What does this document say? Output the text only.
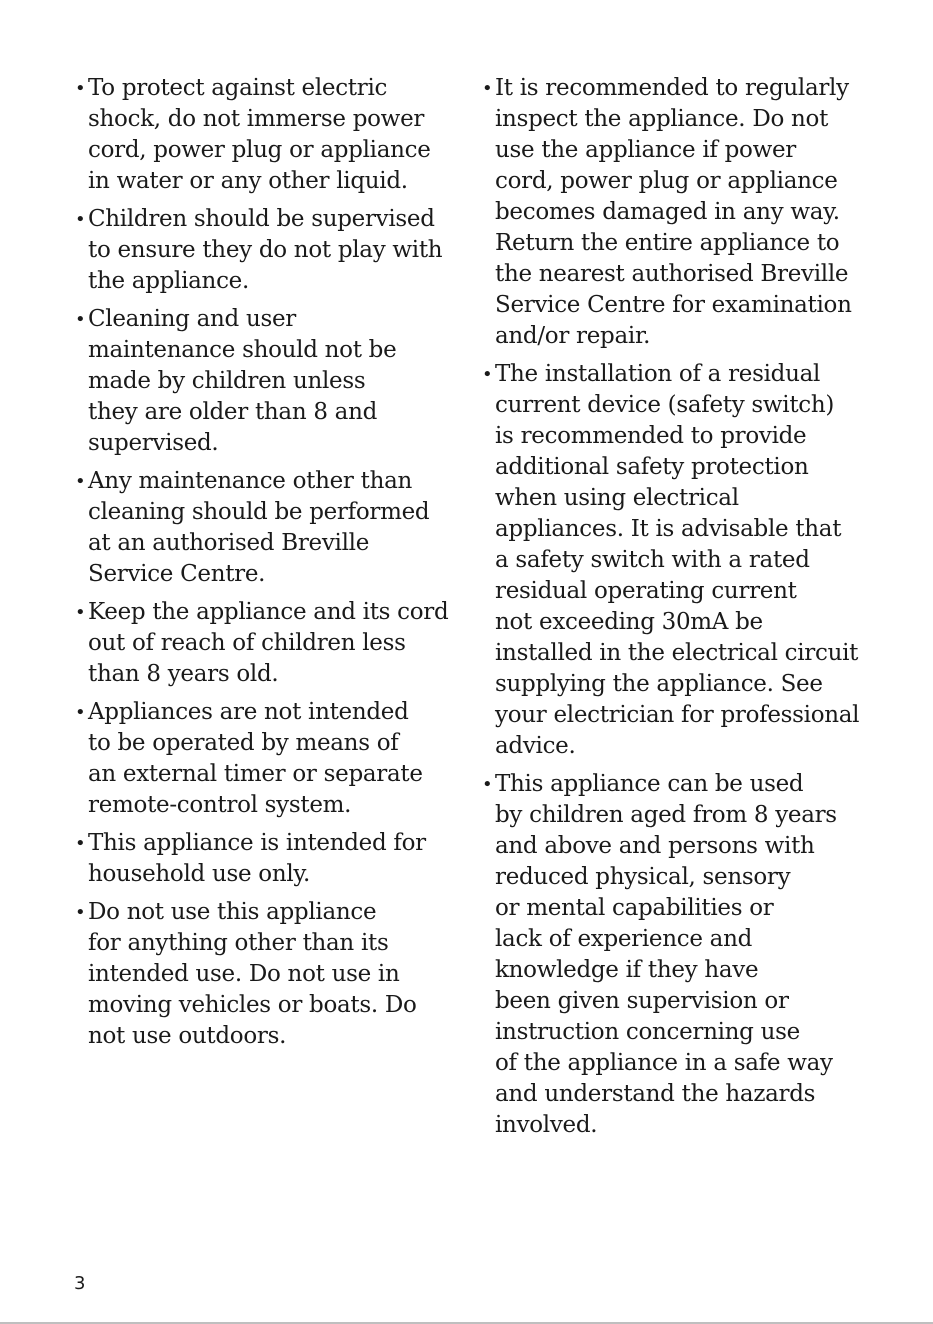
• To protect against electric
shock, do not immerse power
cord, power plug or appliance
in water or any other liquid.
• Children should be supervised
to ensure they do not play with
the appliance.
• Cleaning and user
maintenance should not be
made by children unless
they are older than 8 and
supervised.
• Any maintenance other than
cleaning should be performed
at an authorised Breville
Service Centre.
• Keep the appliance and its cord
out of reach of children less
than 8 years old.
• Appliances are not intended
to be operated by means of
an external timer or separate
remote-control system.
• This appliance is intended for
household use only.
• Do not use this appliance
for anything other than its
intended use. Do not use in
moving vehicles or boats. Do
not use outdoors.
• It is recommended to regularly
inspect the appliance. Do not
use the appliance if power
cord, power plug or appliance
becomes damaged in any way.
Return the entire appliance to
the nearest authorised Breville
Service Centre for examination
and/or repair.
• The installation of a residual
current device (safety switch)
is recommended to provide
additional safety protection
when using electrical
appliances. It is advisable that
a safety switch with a rated
residual operating current
not exceeding 30mA be
installed in the electrical circuit
supplying the appliance. See
your electrician for professional
advice.
• This appliance can be used
by children aged from 8 years
and above and persons with
reduced physical, sensory
or mental capabilities or
lack of experience and
knowledge if they have
been given supervision or
instruction concerning use
of the appliance in a safe way
and understand the hazards
involved.
3
